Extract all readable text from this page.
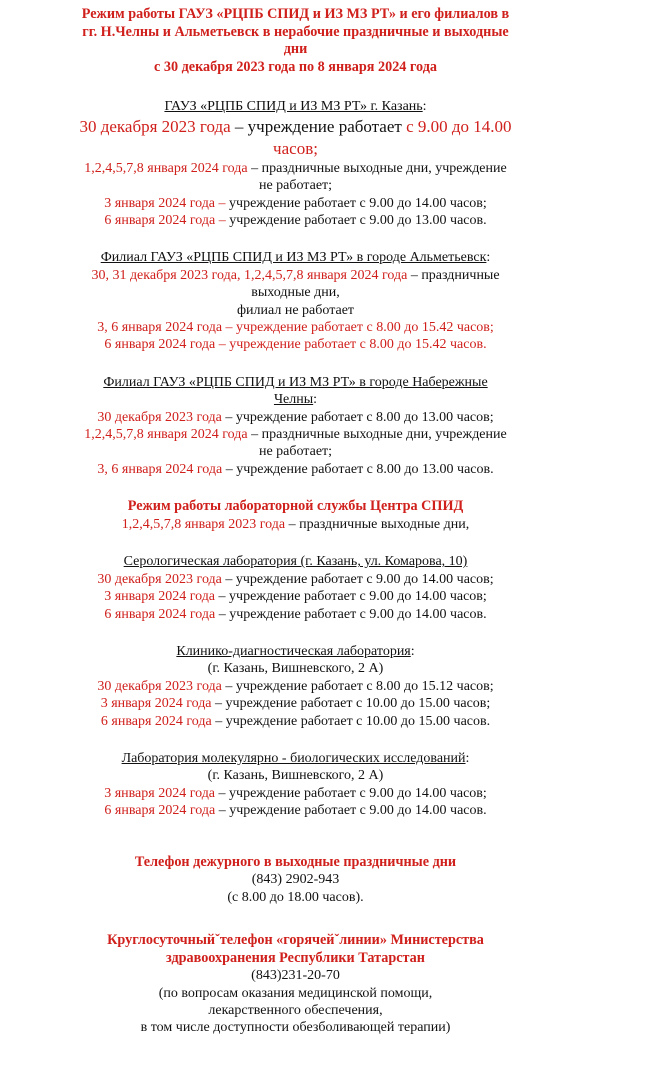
Режим работы ГАУЗ «РЦПБ СПИД и ИЗ МЗ РТ» и его филиалов в
гг. Н.Челны и Альметьевск в нерабочие праздничные и выходные
дни
с 30 декабря 2023 года по 8 января 2024 года
ГАУЗ «РЦПБ СПИД и ИЗ МЗ РТ» г. Казань:
30 декабря 2023 года – учреждение работает с 9.00 до 14.00
часов;
1,2,4,5,7,8 января 2024 года – праздничные выходные дни, учреждение
не работает;
3 января 2024 года – учреждение работает с 9.00 до 14.00 часов;
6 января 2024 года – учреждение работает с 9.00 до 13.00 часов.
Филиал ГАУЗ «РЦПБ СПИД и ИЗ МЗ РТ» в городе Альметьевск:
30, 31 декабря 2023 года, 1,2,4,5,7,8 января 2024 года – праздничные
выходные дни,
филиал не работает
3, 6 января 2024 года – учреждение работает с 8.00 до 15.42 часов;
6 января 2024 года – учреждение работает с 8.00 до 15.42 часов.
Филиал ГАУЗ «РЦПБ СПИД и ИЗ МЗ РТ» в городе Набережные
Челны:
30 декабря 2023 года – учреждение работает с 8.00 до 13.00 часов;
1,2,4,5,7,8 января 2024 года – праздничные выходные дни, учреждение
не работает;
3, 6 января 2024 года – учреждение работает с 8.00 до 13.00 часов.
Режим работы лабораторной службы Центра СПИД
1,2,4,5,7,8 января 2023 года – праздничные выходные дни,
Серологическая лаборатория (г. Казань, ул. Комарова, 10)
30 декабря 2023 года – учреждение работает с 9.00 до 14.00 часов;
3 января 2024 года – учреждение работает с 9.00 до 14.00 часов;
6 января 2024 года – учреждение работает с 9.00 до 14.00 часов.
Клинико-диагностическая лаборатория:
(г. Казань, Вишневского, 2 А)
30 декабря 2023 года – учреждение работает с 8.00 до 15.12 часов;
3 января 2024 года – учреждение работает с 10.00 до 15.00 часов;
6 января 2024 года – учреждение работает с 10.00 до 15.00 часов.
Лаборатория молекулярно - биологических исследований:
(г. Казань, Вишневского, 2 А)
3 января 2024 года – учреждение работает с 9.00 до 14.00 часов;
6 января 2024 года – учреждение работает с 9.00 до 14.00 часов.
Телефон дежурного в выходные праздничные дни
(843) 2902-943
(с 8.00 до 18.00 часов).
Круглосуточныйˇтелефон «горячейˇлинии» Министерства
здравоохранения Республики Татарстан
(843)231-20-70
(по вопросам оказания медицинской помощи,
лекарственного обеспечения,
в том числе доступности обезболивающей терапии)
